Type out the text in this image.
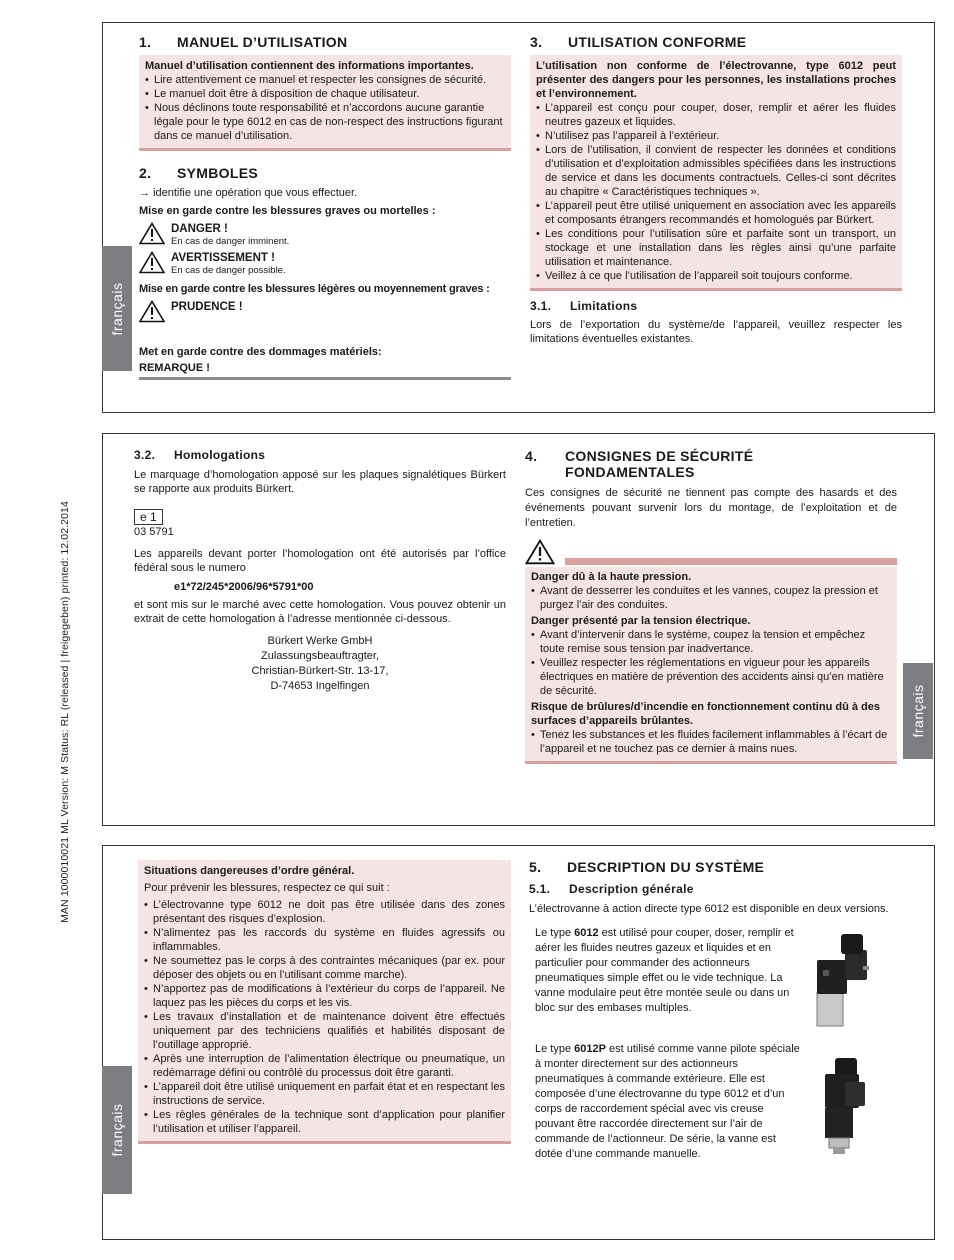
MAN 1000010021 ML Version: M Status: RL (released | freigegeben) printed: 12.02.2014
français
1.	MANUEL D’UTILISATION
Manuel d’utilisation contiennent des informations importantes.
• Lire attentivement ce manuel et respecter les consignes de sécurité.
• Le manuel doit être à disposition de chaque utilisateur.
• Nous déclinons toute responsabilité et n’accordons aucune garantie légale pour le type 6012 en cas de non-respect des instructions figurant dans ce manuel d’utilisation.
2.	SYMBOLES
→ identifie une opération que vous effectuer.
Mise en garde contre les blessures graves ou mortelles :
DANGER !
En cas de danger imminent.
AVERTISSEMENT !
En cas de danger possible.
Mise en garde contre les blessures légères ou moyennement graves :
PRUDENCE !
Met en garde contre des dommages matériels:
REMARQUE !
3.	UTILISATION CONFORME
L’utilisation non conforme de l’électrovanne, type 6012 peut présenter des dangers pour les personnes, les installations proches et l’environnement.
• L’appareil est conçu pour couper, doser, remplir et aérer les fluides neutres gazeux et liquides.
• N’utilisez pas l’appareil à l’extérieur.
• Lors de l’utilisation, il convient de respecter les données et conditions d’utilisation et d’exploitation admissibles spécifiées dans les instructions de service et dans les documents contractuels. Celles-ci sont décrites au chapitre « Caractéristiques techniques ».
• L’appareil peut être utilisé uniquement en association avec les appareils et composants étrangers recommandés et homologués par Bürkert.
• Les conditions pour l’utilisation sûre et parfaite sont un transport, un stockage et une installation dans les règles ainsi qu’une parfaite utilisation et maintenance.
• Veillez à ce que l’utilisation de l’appareil soit toujours conforme.
3.1.	Limitations
Lors de l’exportation du système/de l’appareil, veuillez respecter les limitations éventuelles existantes.
français
3.2.	Homologations
Le marquage d’homologation apposé sur les plaques signalétiques Bürkert se rapporte aux produits Bürkert.
e 1
03 5791
Les appareils devant porter l’homologation ont été autorisés par l’office fédéral sous le numero
e1*72/245*2006/96*5791*00
et sont mis sur le marché avec cette homologation. Vous pouvez obtenir un extrait de cette homologation à l’adresse mentionnée ci-dessous.
Bürkert Werke GmbH
Zulassungsbeauftragter,
Christian-Bürkert-Str. 13-17,
D-74653 Ingelfingen
4.	CONSIGNES DE SÉCURITÉ
FONDAMENTALES
Ces consignes de sécurité ne tiennent pas compte des hasards et des événements pouvant survenir lors du montage, de l’exploitation et de l’entretien.
Danger dû à la haute pression.
• Avant de desserrer les conduites et les vannes, coupez la pression et purgez l’air des conduites.
Danger présenté par la tension électrique.
• Avant d’intervenir dans le système, coupez la tension et empêchez toute remise sous tension par inadvertance.
• Veuillez respecter les réglementations en vigueur pour les appareils électriques en matière de prévention des accidents ainsi qu’en matière de sécurité.
Risque de brûlures/d’incendie en fonctionnement continu dû à des surfaces d’appareils brûlantes.
• Tenez les substances et les fluides facilement inflammables à l’écart de l’appareil et ne touchez pas ce dernier à mains nues.
français
Situations dangereuses d’ordre général.
Pour prévenir les blessures, respectez ce qui suit :
• L’électrovanne type 6012 ne doit pas être utilisée dans des zones présentant des risques d’explosion.
• N’alimentez pas les raccords du système en fluides agressifs ou inflammables.
• Ne soumettez pas le corps à des contraintes mécaniques (par ex. pour déposer des objets ou en l’utilisant comme marche).
• N’apportez pas de modifications à l’extérieur du corps de l’appareil. Ne laquez pas les pièces du corps et les vis.
• Les travaux d’installation et de maintenance doivent être effectués uniquement par des techniciens qualifiés et habilités disposant de l’outillage approprié.
• Après une interruption de l’alimentation électrique ou pneumatique, un redémarrage défini ou contrôlé du processus doit être garanti.
• L’appareil doit être utilisé uniquement en parfait état et en respectant les instructions de service.
• Les règles générales de la technique sont d’application pour planifier l’utilisation et utiliser l’appareil.
5.	DESCRIPTION DU SYSTÈME
5.1.	Description générale
L’électrovanne à action directe type 6012 est disponible en deux versions.
Le type 6012 est utilisé pour couper, doser, remplir et aérer les fluides neutres gazeux et liquides et en particulier pour commander des actionneurs pneumatiques simple effet ou le vide technique. La vanne modulaire peut être montée seule ou dans un bloc sur des embases multiples.
Le type 6012P est utilisé comme vanne pilote spéciale à monter directement sur des actionneurs pneumatiques à commande extérieure. Elle est composée d’une électrovanne du type 6012 et d’un corps de raccordement spécial avec vis creuse pouvant être raccordée directement sur l’air de commande de l’actionneur. De série, la vanne est dotée d’une commande manuelle.
